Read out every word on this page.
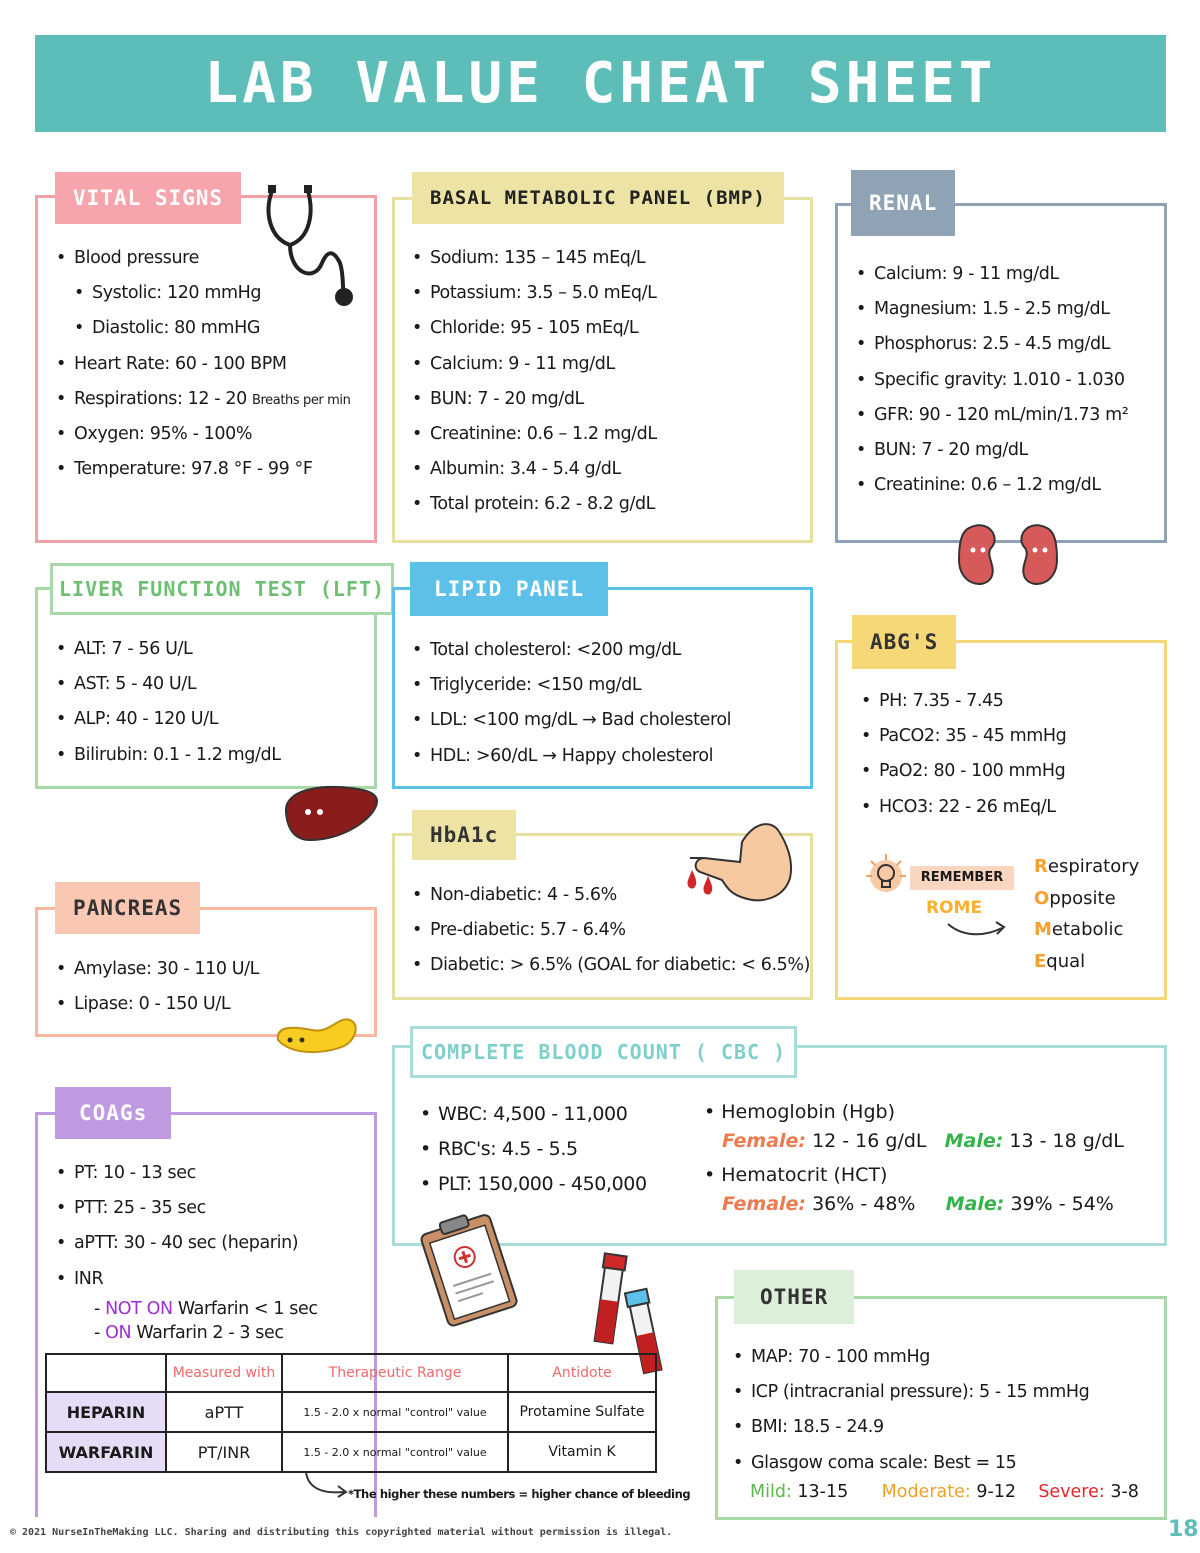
LAB VALUE CHEAT SHEET
VITAL SIGNS
• Blood pressure
• Systolic: 120 mmHg
• Diastolic: 80 mmHG
• Heart Rate: 60 - 100 BPM
• Respirations: 12 - 20 Breaths per min
• Oxygen: 95% - 100%
• Temperature: 97.8 °F - 99 °F
BASAL METABOLIC PANEL (BMP)
• Sodium: 135 – 145 mEq/L
• Potassium: 3.5 – 5.0 mEq/L
• Chloride: 95 - 105 mEq/L
• Calcium: 9 - 11 mg/dL
• BUN: 7 - 20 mg/dL
• Creatinine: 0.6 – 1.2 mg/dL
• Albumin: 3.4 - 5.4 g/dL
• Total protein: 6.2 - 8.2 g/dL
RENAL
• Calcium: 9 - 11 mg/dL
• Magnesium: 1.5 - 2.5 mg/dL
• Phosphorus: 2.5 - 4.5 mg/dL
• Specific gravity: 1.010 - 1.030
• GFR: 90 - 120 mL/min/1.73 m²
• BUN: 7 - 20 mg/dL
• Creatinine: 0.6 – 1.2 mg/dL
LIVER FUNCTION TEST (LFT)
• ALT: 7 - 56 U/L
• AST: 5 - 40 U/L
• ALP: 40 - 120 U/L
• Bilirubin: 0.1 - 1.2 mg/dL
LIPID PANEL
• Total cholesterol: <200 mg/dL
• Triglyceride: <150 mg/dL
• LDL: <100 mg/dL → Bad cholesterol
• HDL: >60/dL → Happy cholesterol
ABG'S
• PH: 7.35 - 7.45
• PaCO2: 35 - 45 mmHg
• PaO2: 80 - 100 mmHg
• HCO3: 22 - 26 mEq/L
REMEMBER
ROME
Respiratory
Opposite
Metabolic
Equal
HbA1c
• Non-diabetic: 4 - 5.6%
• Pre-diabetic: 5.7 - 6.4%
• Diabetic: > 6.5% (GOAL for diabetic: < 6.5%)
PANCREAS
• Amylase: 30 - 110 U/L
• Lipase: 0 - 150 U/L
COMPLETE BLOOD COUNT ( CBC )
• WBC: 4,500 - 11,000
• RBC's: 4.5 - 5.5
• PLT: 150,000 - 450,000
• Hemoglobin (Hgb)
Female: 12 - 16 g/dL Male: 13 - 18 g/dL
• Hematocrit (HCT)
Female: 36% - 48% Male: 39% - 54%
COAGs
• PT: 10 - 13 sec
• PTT: 25 - 35 sec
• aPTT: 30 - 40 sec (heparin)
• INR
- NOT ON Warfarin < 1 sec
- ON Warfarin 2 - 3 sec
	Measured with	Therapeutic Range	Antidote
HEPARIN	aPTT	1.5 - 2.0 x normal "control" value	Protamine Sulfate
WARFARIN	PT/INR	1.5 - 2.0 x normal "control" value	Vitamin K
*The higher these numbers = higher chance of bleeding
OTHER
• MAP: 70 - 100 mmHg
• ICP (intracranial pressure): 5 - 15 mmHg
• BMI: 18.5 - 24.9
• Glasgow coma scale: Best = 15
Mild: 13-15 Moderate: 9-12 Severe: 3-8
© 2021 NurseInTheMaking LLC. Sharing and distributing this copyrighted material without permission is illegal.	18
